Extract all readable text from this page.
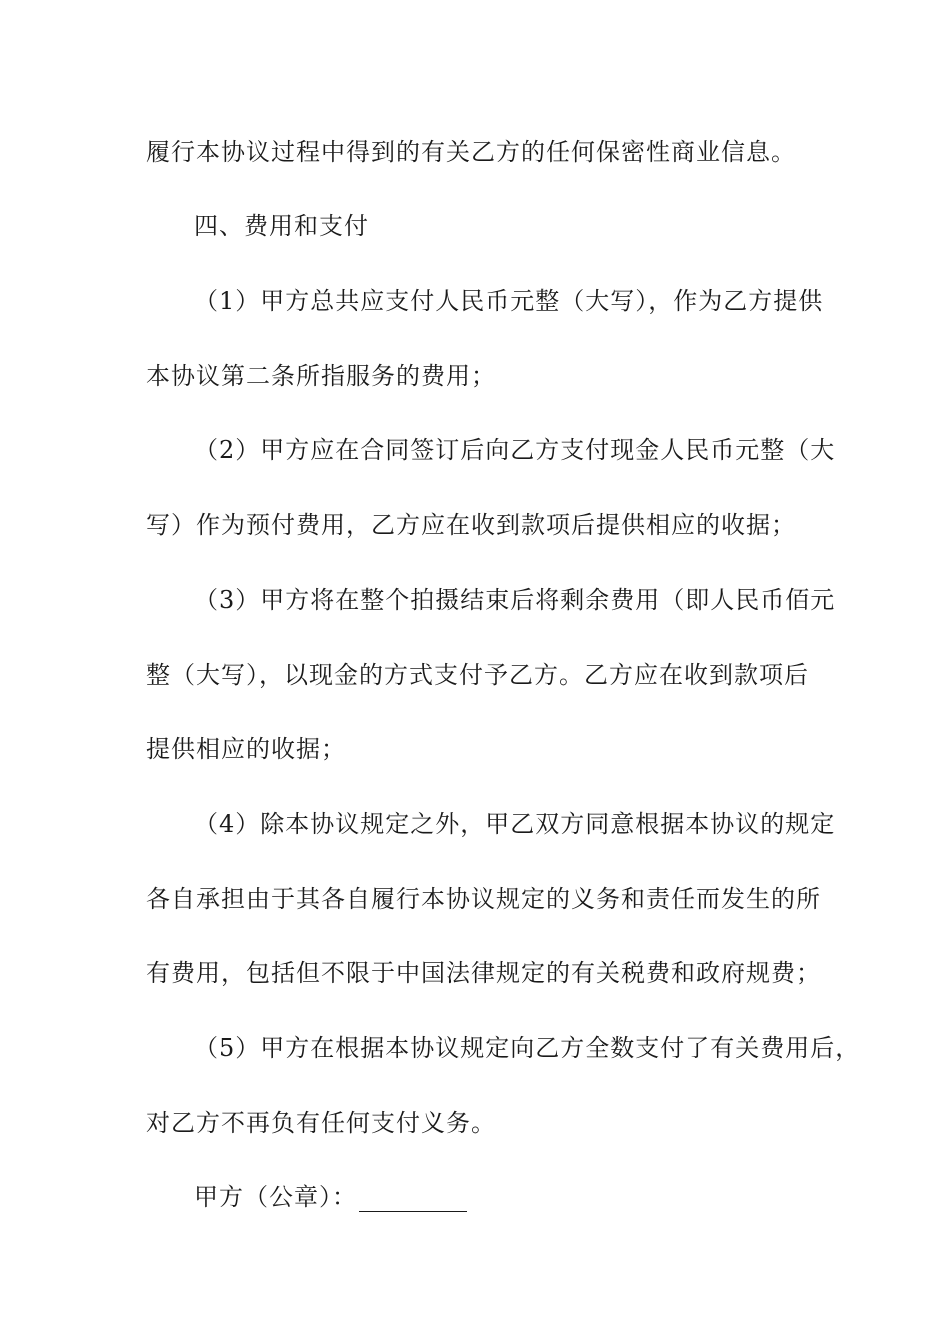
履行本协议过程中得到的有关乙方的任何保密性商业信息。
四、费用和支付
（1）甲方总共应支付人民币元整（大写），作为乙方提供
本协议第二条所指服务的费用；
（2）甲方应在合同签订后向乙方支付现金人民币元整（大
写）作为预付费用，乙方应在收到款项后提供相应的收据；
（3）甲方将在整个拍摄结束后将剩余费用（即人民币佰元
整（大写），以现金的方式支付予乙方。乙方应在收到款项后
提供相应的收据；
（4）除本协议规定之外，甲乙双方同意根据本协议的规定
各自承担由于其各自履行本协议规定的义务和责任而发生的所
有费用，包括但不限于中国法律规定的有关税费和政府规费；
（5）甲方在根据本协议规定向乙方全数支付了有关费用后，
对乙方不再负有任何支付义务。
甲方（公章）：
